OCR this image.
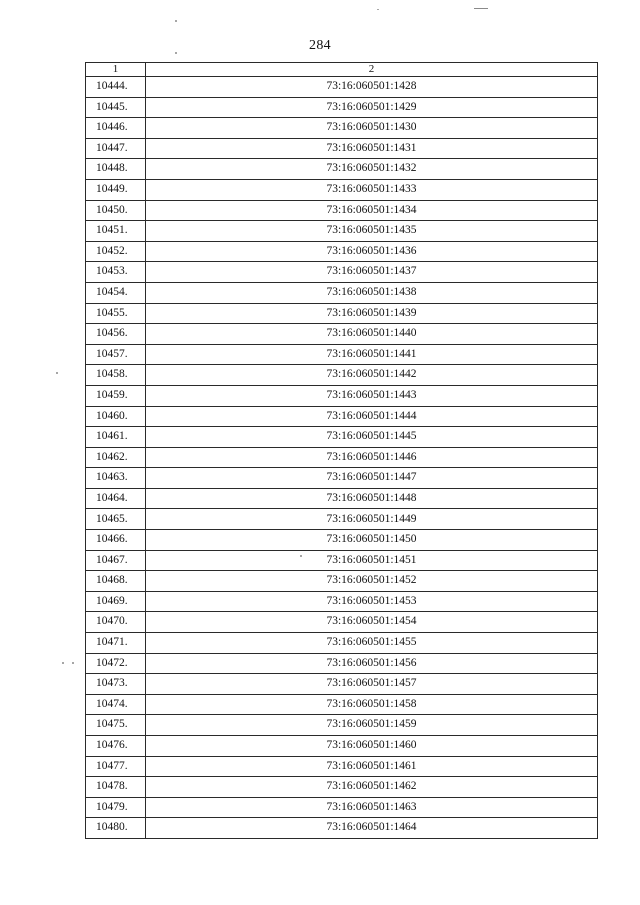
284
1	2
10444.	73:16:060501:1428
10445.	73:16:060501:1429
10446.	73:16:060501:1430
10447.	73:16:060501:1431
10448.	73:16:060501:1432
10449.	73:16:060501:1433
10450.	73:16:060501:1434
10451.	73:16:060501:1435
10452.	73:16:060501:1436
10453.	73:16:060501:1437
10454.	73:16:060501:1438
10455.	73:16:060501:1439
10456.	73:16:060501:1440
10457.	73:16:060501:1441
10458.	73:16:060501:1442
10459.	73:16:060501:1443
10460.	73:16:060501:1444
10461.	73:16:060501:1445
10462.	73:16:060501:1446
10463.	73:16:060501:1447
10464.	73:16:060501:1448
10465.	73:16:060501:1449
10466.	73:16:060501:1450
10467.	73:16:060501:1451
10468.	73:16:060501:1452
10469.	73:16:060501:1453
10470.	73:16:060501:1454
10471.	73:16:060501:1455
10472.	73:16:060501:1456
10473.	73:16:060501:1457
10474.	73:16:060501:1458
10475.	73:16:060501:1459
10476.	73:16:060501:1460
10477.	73:16:060501:1461
10478.	73:16:060501:1462
10479.	73:16:060501:1463
10480.	73:16:060501:1464
